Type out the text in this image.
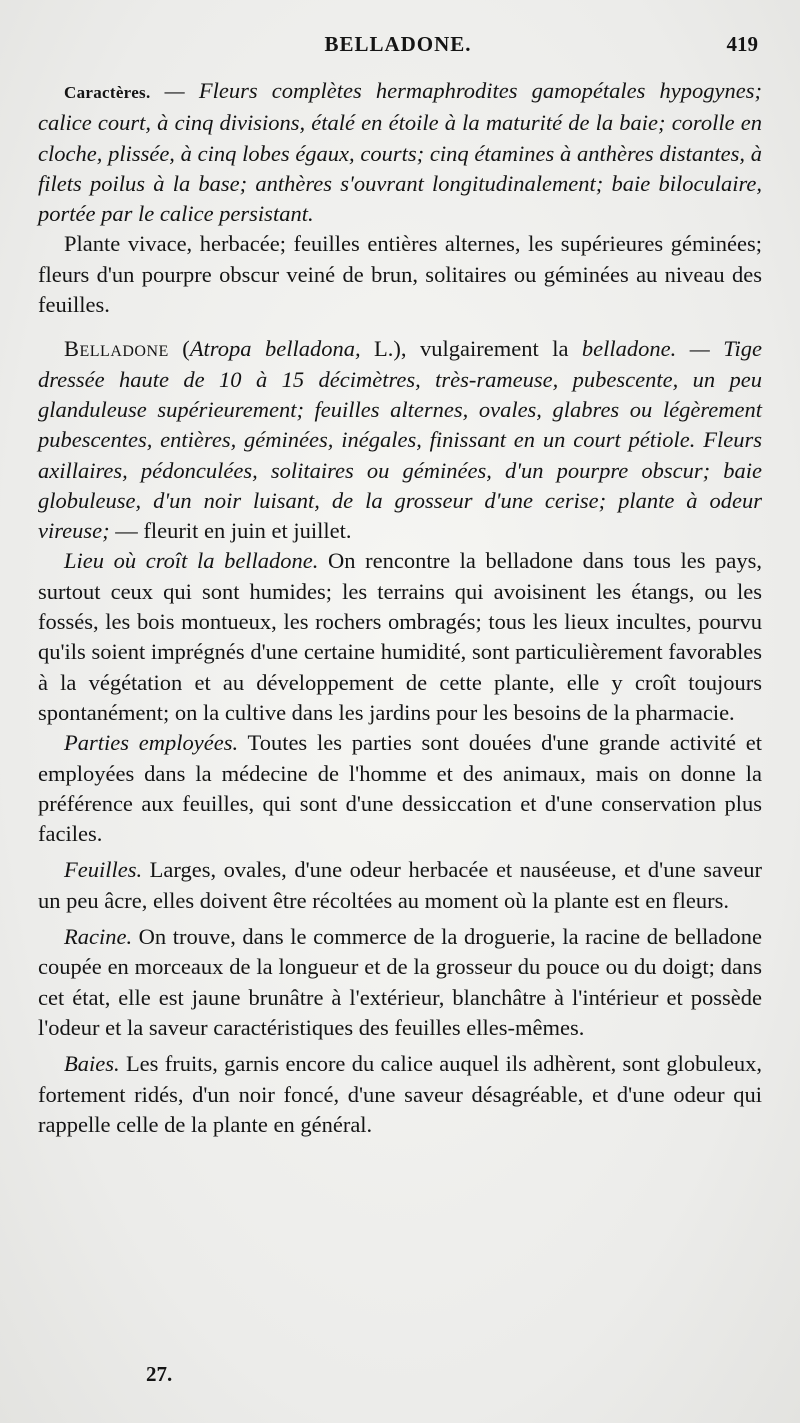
BELLADONE.	419

Caractères. — Fleurs complètes hermaphrodites gamopétales hypogynes; calice court, à cinq divisions, étalé en étoile à la maturité de la baie; corolle en cloche, plissée, à cinq lobes égaux, courts; cinq étamines à anthères distantes, à filets poilus à la base; anthères s'ouvrant longitudinalement; baie biloculaire, portée par le calice persistant.

Plante vivace, herbacée; feuilles entières alternes, les supérieures géminées; fleurs d'un pourpre obscur veiné de brun, solitaires ou géminées au niveau des feuilles.

Belladone (Atropa belladona, L.), vulgairement la belladone. — Tige dressée haute de 10 à 15 décimètres, très-rameuse, pubescente, un peu glanduleuse supérieurement; feuilles alternes, ovales, glabres ou légèrement pubescentes, entières, géminées, inégales, finissant en un court pétiole. Fleurs axillaires, pédonculées, solitaires ou géminées, d'un pourpre obscur; baie globuleuse, d'un noir luisant, de la grosseur d'une cerise; plante à odeur vireuse; — fleurit en juin et juillet.

Lieu où croît la belladone. On rencontre la belladone dans tous les pays, surtout ceux qui sont humides; les terrains qui avoisinent les étangs, ou les fossés, les bois montueux, les rochers ombragés; tous les lieux incultes, pourvu qu'ils soient imprégnés d'une certaine humidité, sont particulièrement favorables à la végétation et au développement de cette plante, elle y croît toujours spontanément; on la cultive dans les jardins pour les besoins de la pharmacie.

Parties employées. Toutes les parties sont douées d'une grande activité et employées dans la médecine de l'homme et des animaux, mais on donne la préférence aux feuilles, qui sont d'une dessiccation et d'une conservation plus faciles.

Feuilles. Larges, ovales, d'une odeur herbacée et nauséeuse, et d'une saveur un peu âcre, elles doivent être récoltées au moment où la plante est en fleurs.

Racine. On trouve, dans le commerce de la droguerie, la racine de belladone coupée en morceaux de la longueur et de la grosseur du pouce ou du doigt; dans cet état, elle est jaune brunâtre à l'extérieur, blanchâtre à l'intérieur et possède l'odeur et la saveur caractéristiques des feuilles elles-mêmes.

Baies. Les fruits, garnis encore du calice auquel ils adhèrent, sont globuleux, fortement ridés, d'un noir foncé, d'une saveur désagréable, et d'une odeur qui rappelle celle de la plante en général.

27.
